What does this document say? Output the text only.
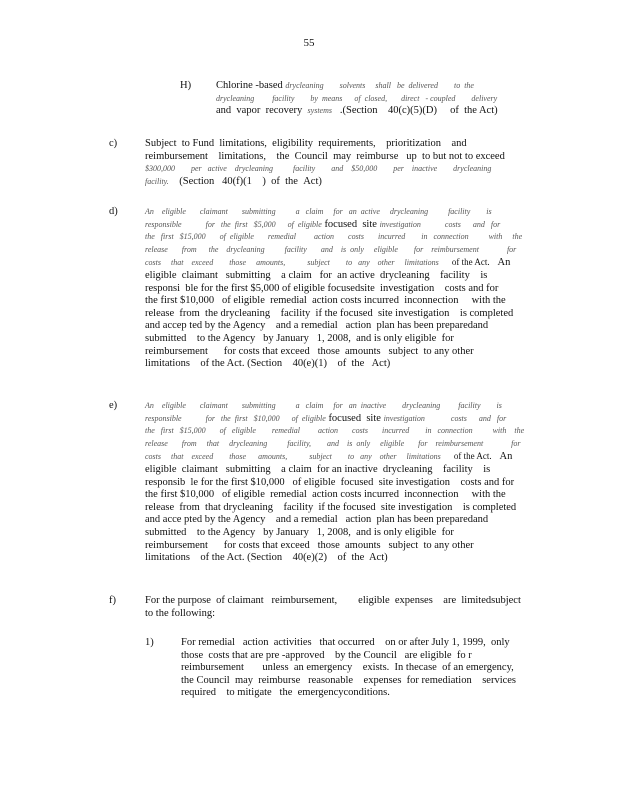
55
H) Chlorine -based drycleaning        solvents     shall   be  delivered        to  the
drycleaning         facility        by  means      of  closed,       direct   - coupled        delivery
and  vapor  recovery  systems   .(Section    40(c)(5)(D)     of  the Act)
c)	Subject  to Fund  limitations,  eligibility  requirements,    prioritization    and
reimbursement    limitations,    the  Council  may  reimburse   up  to but not to exceed
$300,000        per   active    drycleaning          facility        and    $50,000        per    inactive        drycleaning
facility.    (Section   40(f)(1    )  of  the  Act)
d)	An    eligible       claimant       submitting          a   claim     for   an  active     drycleaning          facility        is
responsible            for   the  first   $5,000      of  eligible focused  site investigation            costs      and   for
the   first   $15,000       of  eligible       remedial         action       costs       incurred        in   connection          with     the
release       from      the    drycleaning          facility       and    is  only     eligible        for    reimbursement              for
costs     that    exceed        those     amounts,           subject        to   any    other     limitations of the Act. An
eligible  claimant   submitting    a claim   for  an active  drycleaning    facility    is
responsi  ble for the first $5,000 of eligible focusedsite  investigation    costs and for
the first $10,000   of eligible  remedial  action costs incurred  inconnection     with the
release  from  the drycleaning    facility  if the focused  site investigation    is completed
and accep ted by the Agency    and a remedial   action  plan has been preparedand
submitted    to the Agency   by January   1, 2008,  and is only eligible  for
reimbursement      for costs that exceed   those  amounts   subject  to any other
limitations    of the Act. (Section    40(e)(1)    of  the   Act)
e)	An    eligible       claimant       submitting          a   claim     for   an  inactive        drycleaning         facility        is
responsible            for   the  first   $10,000      of  eligible focused  site investigation             costs      and   for
the   first   $15,000       of   eligible        remedial         action       costs       incurred        in   connection          with    the
release       from     that     drycleaning          facility,        and    is  only     eligible       for    reimbursement              for
costs     that    exceed        those      amounts,           subject        to   any    other     limitations of the Act. An
eligible  claimant   submitting    a claim  for an inactive  drycleaning    facility    is
responsib  le for the first $10,000   of eligible  focused  site investigation    costs and for
the first $10,000   of eligible  remedial  action costs incurred  inconnection     with the
release  from  that drycleaning    facility  if the focused  site investigation    is completed
and acce pted by the Agency    and a remedial   action  plan has been preparedand
submitted    to the Agency   by January   1, 2008,  and is only eligible  for
reimbursement      for costs that exceed   those  amounts   subject  to any other
limitations    of the Act. (Section    40(e)(2)    of  the  Act)
f)	For the purpose  of claimant   reimbursement,        eligible  expenses    are  limitedsubject
to the following:
1)	For remedial   action  activities   that occurred    on or after July 1, 1999,  only
those  costs that are pre -approved    by the Council   are eligible  fo r
reimbursement       unless  an emergency    exists.  In thecase  of an emergency,
the Council  may  reimburse   reasonable    expenses  for remediation    services
required    to mitigate   the  emergencyconditions.
